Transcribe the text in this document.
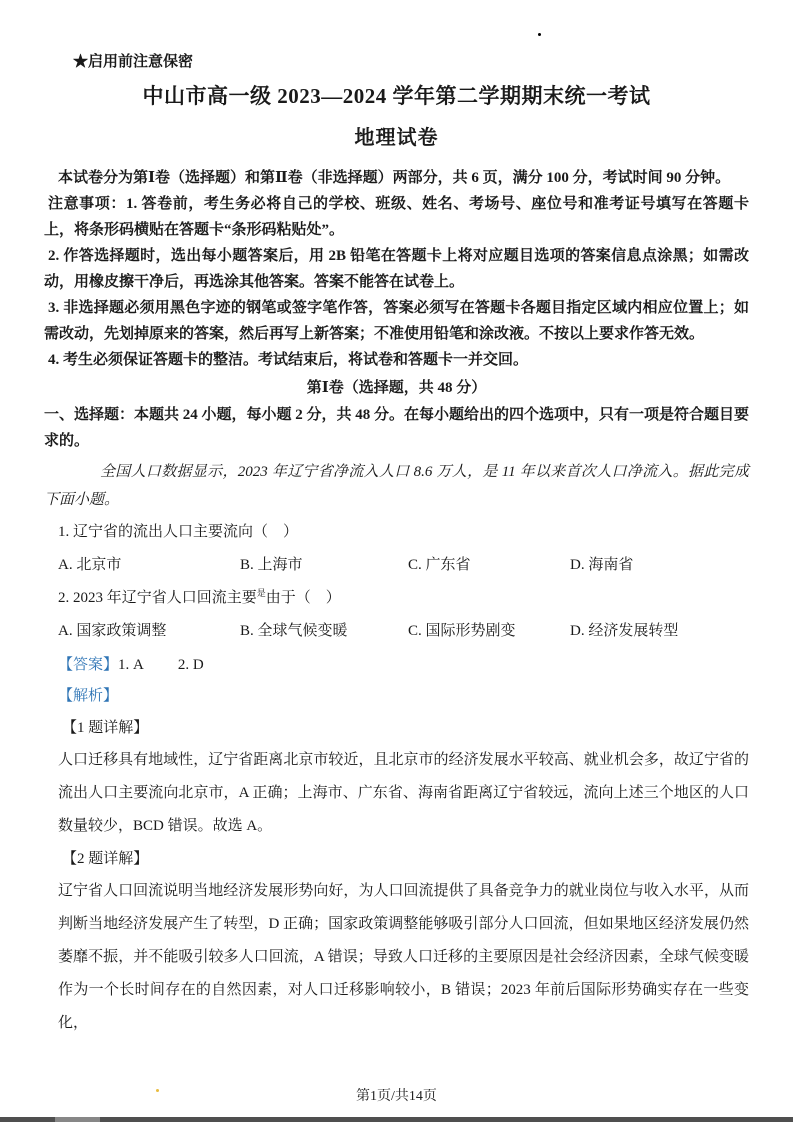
★启用前注意保密
中山市高一级 2023—2024 学年第二学期期末统一考试
地理试卷

本试卷分为第Ⅰ卷（选择题）和第Ⅱ卷（非选择题）两部分，共 6 页，满分 100 分，考试时间 90 分钟。

注意事项：1. 答卷前，考生务必将自己的学校、班级、姓名、考场号、座位号和准考证号填写在答题卡上，将条形码横贴在答题卡“条形码粘贴处”。

2. 作答选择题时，选出每小题答案后，用 2B 铅笔在答题卡上将对应题目选项的答案信息点涂黑；如需改动，用橡皮擦干净后，再选涂其他答案。答案不能答在试卷上。

3. 非选择题必须用黑色字迹的钢笔或签字笔作答，答案必须写在答题卡各题目指定区域内相应位置上；如需改动，先划掉原来的答案，然后再写上新答案；不准使用铅笔和涂改液。不按以上要求作答无效。

4. 考生必须保证答题卡的整洁。考试结束后，将试卷和答题卡一并交回。

第Ⅰ卷（选择题，共 48 分）

一、选择题：本题共 24 小题，每小题 2 分，共 48 分。在每小题给出的四个选项中，只有一项是符合题目要求的。

全国人口数据显示，2023 年辽宁省净流入人口 8.6 万人，是 11 年以来首次人口净流入。据此完成下面小题。

1. 辽宁省的流出人口主要流向（　）

A. 北京市	B. 上海市	C. 广东省	D. 海南省

2. 2023 年辽宁省人口回流主要$^是$由于（　）

A. 国家政策调整	B. 全球气候变暖	C. 国际形势剧变	D. 经济发展转型

【答案】1. A 2. D

【解析】

【1 题详解】

人口迁移具有地域性，辽宁省距离北京市较近，且北京市的经济发展水平较高、就业机会多，故辽宁省的流出人口主要流向北京市，A 正确；上海市、广东省、海南省距离辽宁省较远，流向上述三个地区的人口数量较少，BCD 错误。故选 A。

【2 题详解】

辽宁省人口回流说明当地经济发展形势向好，为人口回流提供了具备竞争力的就业岗位与收入水平，从而判断当地经济发展产生了转型，D 正确；国家政策调整能够吸引部分人口回流，但如果地区经济发展仍然萎靡不振，并不能吸引较多人口回流，A 错误；导致人口迁移的主要原因是社会经济因素，全球气候变暖作为一个长时间存在的自然因素，对人口迁移影响较小，B 错误；2023 年前后国际形势确实存在一些变化，

第1页/共14页
